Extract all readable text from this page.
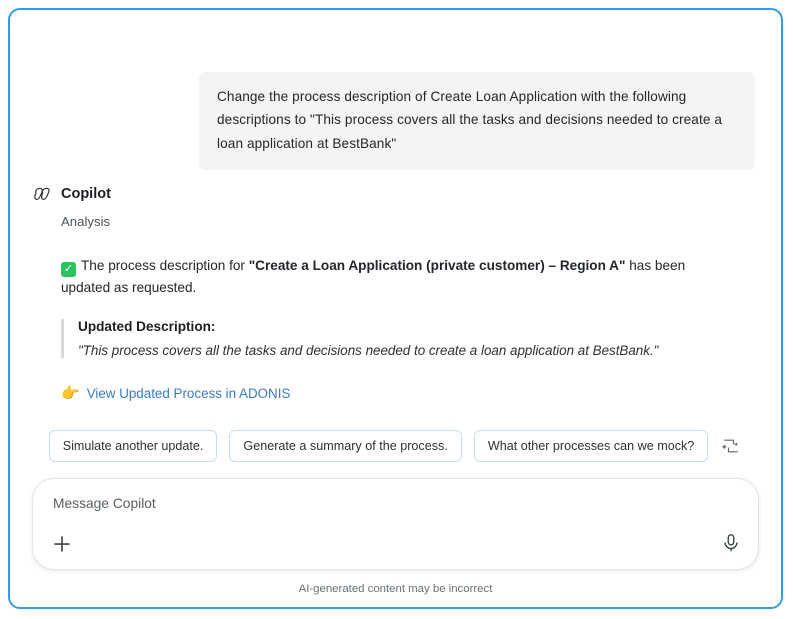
Change the process description of Create Loan Application with the following descriptions to "This process covers all the tasks and decisions needed to create a loan application at BestBank"
Copilot
Analysis
✓ The process description for "Create a Loan Application (private customer) – Region A" has been updated as requested.
Updated Description:
"This process covers all the tasks and decisions needed to create a loan application at BestBank."
👉 View Updated Process in ADONIS
Simulate another update.	Generate a summary of the process.	What other processes can we mock?
Message Copilot
AI-generated content may be incorrect
